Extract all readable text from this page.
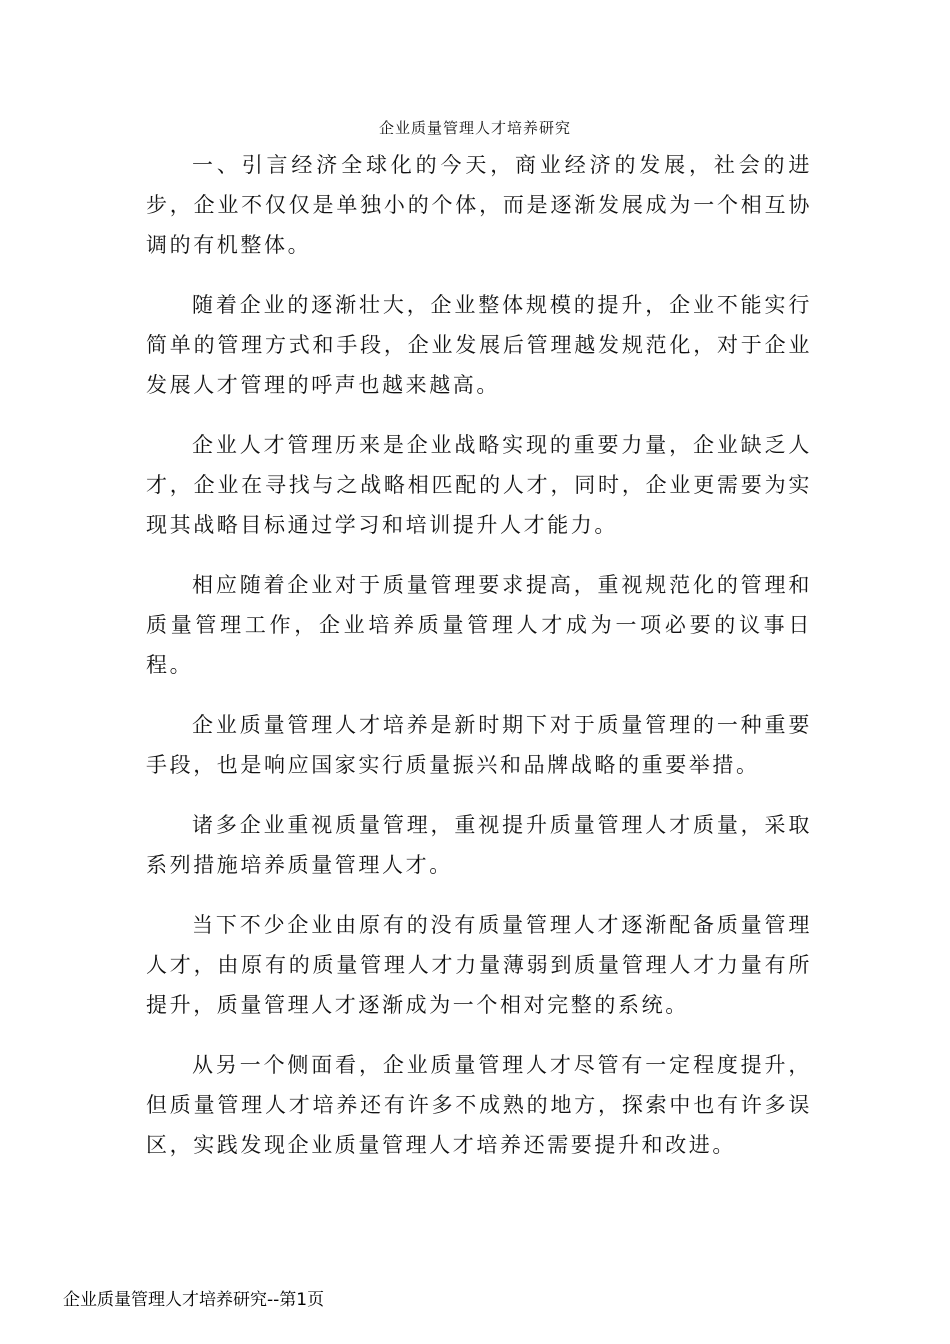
企业质量管理人才培养研究

一、引言经济全球化的今天，商业经济的发展，社会的进步，企业不仅仅是单独小的个体，而是逐渐发展成为一个相互协调的有机整体。

随着企业的逐渐壮大，企业整体规模的提升，企业不能实行简单的管理方式和手段，企业发展后管理越发规范化，对于企业发展人才管理的呼声也越来越高。

企业人才管理历来是企业战略实现的重要力量，企业缺乏人才，企业在寻找与之战略相匹配的人才，同时，企业更需要为实现其战略目标通过学习和培训提升人才能力。

相应随着企业对于质量管理要求提高，重视规范化的管理和质量管理工作，企业培养质量管理人才成为一项必要的议事日程。

企业质量管理人才培养是新时期下对于质量管理的一种重要手段，也是响应国家实行质量振兴和品牌战略的重要举措。

诸多企业重视质量管理，重视提升质量管理人才质量，采取系列措施培养质量管理人才。

当下不少企业由原有的没有质量管理人才逐渐配备质量管理人才，由原有的质量管理人才力量薄弱到质量管理人才力量有所提升，质量管理人才逐渐成为一个相对完整的系统。

从另一个侧面看，企业质量管理人才尽管有一定程度提升，但质量管理人才培养还有许多不成熟的地方，探索中也有许多误区，实践发现企业质量管理人才培养还需要提升和改进。

企业质量管理人才培养研究--第1页
